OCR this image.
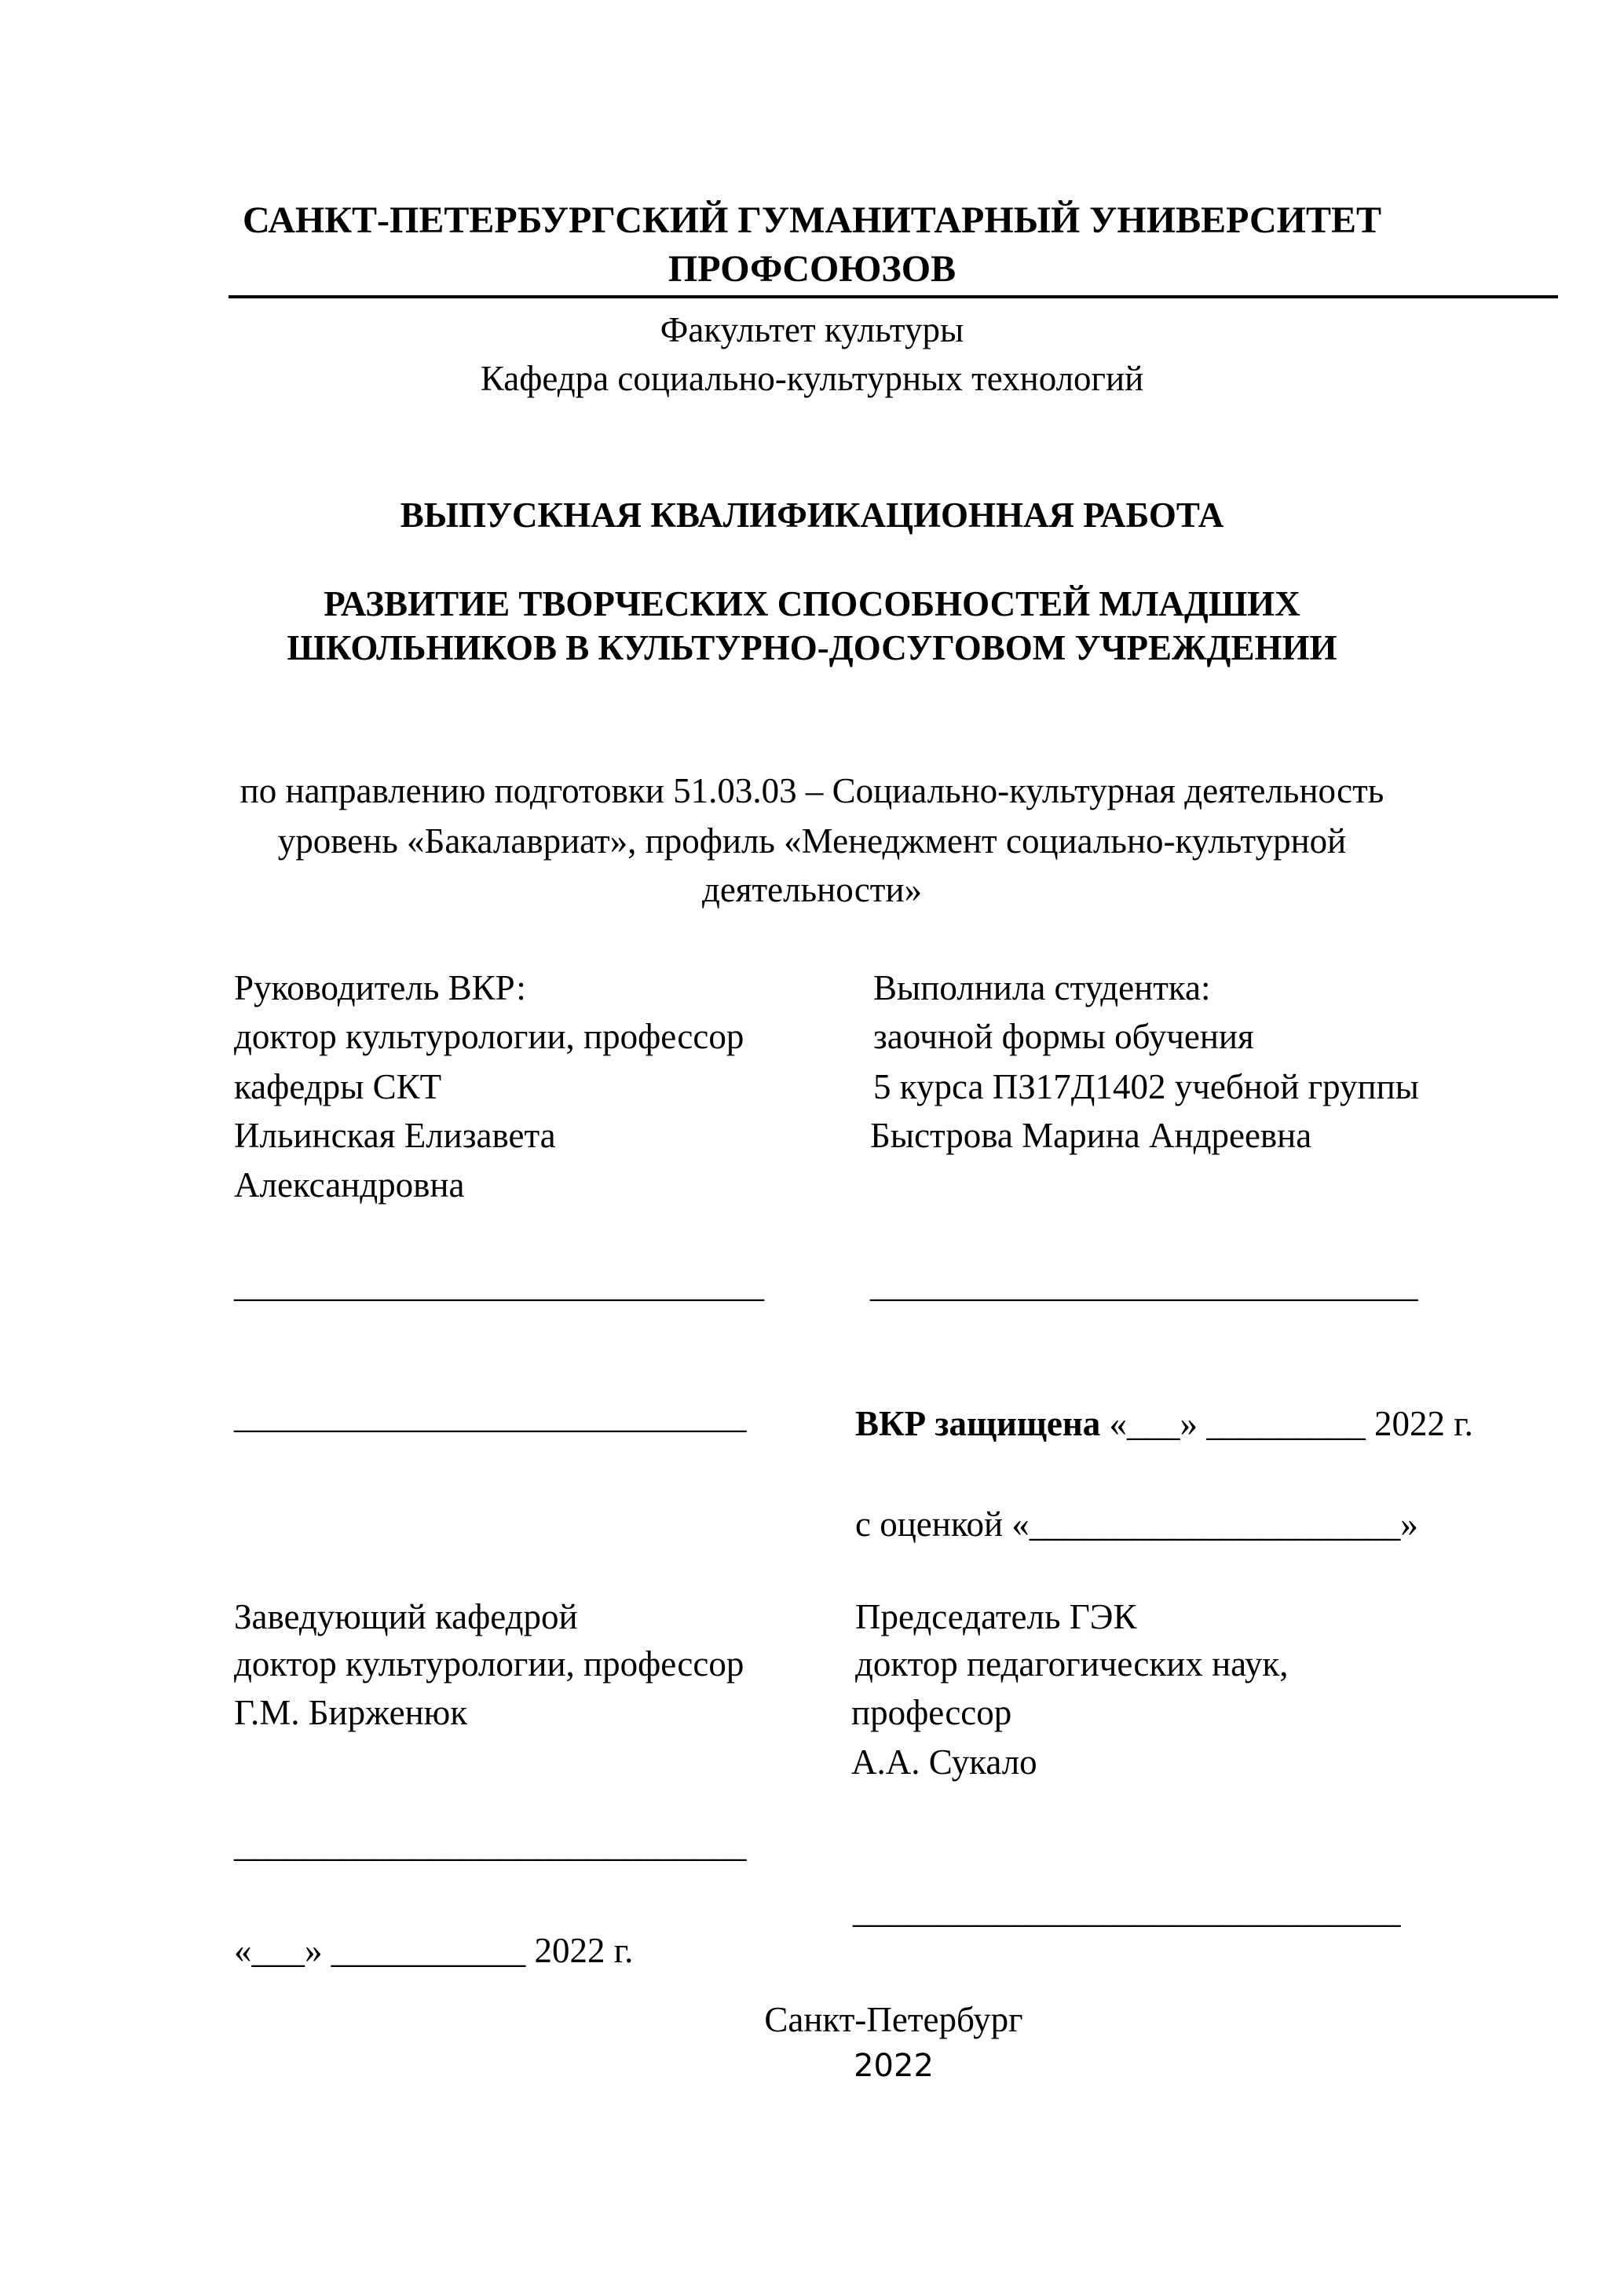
САНКТ-ПЕТЕРБУРГСКИЙ ГУМАНИТАРНЫЙ УНИВЕРСИТЕТ
ПРОФСОЮЗОВ
Факультет культуры
Кафедра социально-культурных технологий
ВЫПУСКНАЯ КВАЛИФИКАЦИОННАЯ РАБОТА
РАЗВИТИЕ ТВОРЧЕСКИХ СПОСОБНОСТЕЙ МЛАДШИХ
ШКОЛЬНИКОВ В КУЛЬТУРНО-ДОСУГОВОМ УЧРЕЖДЕНИИ
по направлению подготовки 51.03.03 – Социально-культурная деятельность
уровень «Бакалавриат», профиль «Менеджмент социально-культурной
деятельности»
Руководитель ВКР:
доктор культурологии, профессор
кафедры СКТ
Ильинская Елизавета
Александровна
______________________________
Выполнила студентка:
заочной формы обучения
5 курса ПЗ17Д1402 учебной группы
Быстрова Марина Андреевна
_______________________________
_____________________________	ВКР защищена «___» _________ 2022 г.
с оценкой «_____________________»
Заведующий кафедрой
доктор культурологии, профессор
Г.М. Бирженюк
_____________________________
«___» ___________ 2022 г.
Председатель ГЭК
доктор педагогических наук,
профессор
А.А. Сукало
_______________________________
Санкт-Петербург
2022
